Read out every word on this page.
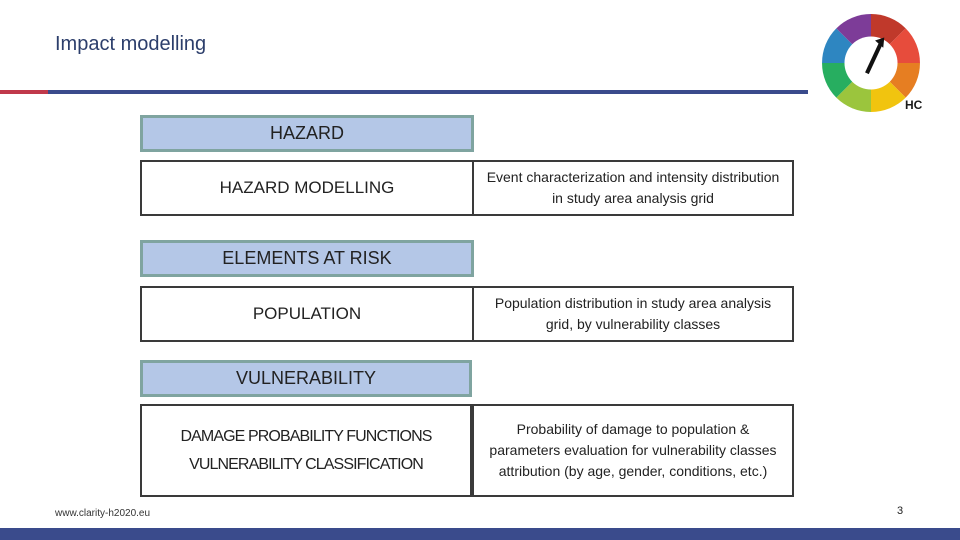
Impact modelling
HC
HAZARD
HAZARD MODELLING
Event characterization and intensity distribution in study area analysis grid
ELEMENTS AT RISK
POPULATION
Population distribution in study area analysis grid, by vulnerability classes
VULNERABILITY
DAMAGE PROBABILITY FUNCTIONS
VULNERABILITY CLASSIFICATION
Probability of damage to population & parameters evaluation for vulnerability classes attribution (by age, gender, conditions, etc.)
www.clarity-h2020.eu	3
